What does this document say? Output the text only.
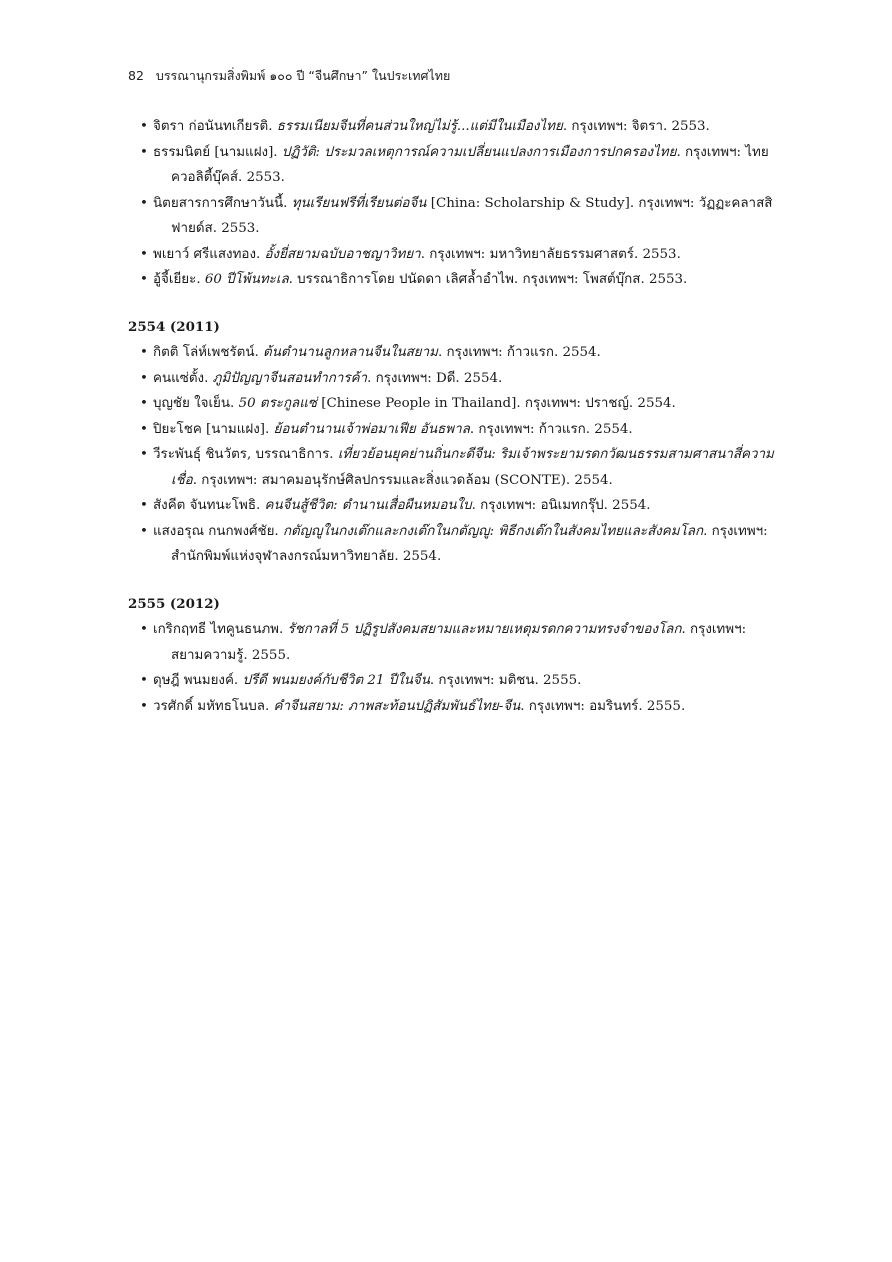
82 บรรณานุกรมสิ่งพิมพ์ ๑๐๐ ปี “จีนศึกษา” ในประเทศไทย
• จิตรา ก่อนันทเกียรติ. ธรรมเนียมจีนที่คนส่วนใหญ่ไม่รู้...แต่มีในเมืองไทย. กรุงเทพฯ: จิตรา. 2553.
• ธรรมนิตย์ [นามแฝง]. ปฏิวัติ: ประมวลเหตุการณ์ความเปลี่ยนแปลงการเมืองการปกครองไทย. กรุงเทพฯ: ไทยควอลิตี้บุ๊คส์. 2553.
• นิตยสารการศึกษาวันนี้. ทุนเรียนฟรีที่เรียนต่อจีน [China: Scholarship & Study]. กรุงเทพฯ: วัฏฏะคลาสสิฟายด์ส. 2553.
• พเยาว์ ศรีแสงทอง. อั้งยี่สยามฉบับอาชญาวิทยา. กรุงเทพฯ: มหาวิทยาลัยธรรมศาสตร์. 2553.
• อู้จี้เยียะ. 60 ปีโพ้นทะเล. บรรณาธิการโดย ปนัดดา เลิศล้ำอำไพ. กรุงเทพฯ: โพสต์บุ๊กส. 2553.
2554 (2011)
• กิตติ โล่ห์เพชรัตน์. ต้นตำนานลูกหลานจีนในสยาม. กรุงเทพฯ: ก้าวแรก. 2554.
• คนแซ่ตั้ง. ภูมิปัญญาจีนสอนทำการค้า. กรุงเทพฯ: Dดี. 2554.
• บุญชัย ใจเย็น. 50 ตระกูลแซ่ [Chinese People in Thailand]. กรุงเทพฯ: ปราชญ์. 2554.
• ปิยะโชค [นามแฝง]. ย้อนตำนานเจ้าพ่อมาเฟีย อันธพาล. กรุงเทพฯ: ก้าวแรก. 2554.
• วีระพันธุ์ ชินวัตร, บรรณาธิการ. เที่ยวย้อนยุคย่านถิ่นกะดีจีน: ริมเจ้าพระยามรดกวัฒนธรรมสามศาสนาสี่ความเชื่อ. กรุงเทพฯ: สมาคมอนุรักษ์ศิลปกรรมและสิ่งแวดล้อม (SCONTE). 2554.
• สังคีต จันทนะโพธิ. คนจีนสู้ชีวิต: ตำนานเสื่อผืนหมอนใบ. กรุงเทพฯ: อนิเมทกรุ๊ป. 2554.
• แสงอรุณ กนกพงศ์ชัย. กตัญญูในกงเต๊กและกงเต๊กในกตัญญู: พิธีกงเต๊กในสังคมไทยและสังคมโลก. กรุงเทพฯ: สำนักพิมพ์แห่งจุฬาลงกรณ์มหาวิทยาลัย. 2554.
2555 (2012)
• เกริกฤทธี ไทคูนธนภพ. รัชกาลที่ 5 ปฏิรูปสังคมสยามและหมายเหตุมรดกความทรงจำของโลก. กรุงเทพฯ: สยามความรู้. 2555.
• ดุษฎี พนมยงค์. ปรีดี พนมยงค์กับชีวิต 21 ปีในจีน. กรุงเทพฯ: มติชน. 2555.
• วรศักดิ์ มหัทธโนบล. คำจีนสยาม: ภาพสะท้อนปฏิสัมพันธ์ไทย-จีน. กรุงเทพฯ: อมรินทร์. 2555.
